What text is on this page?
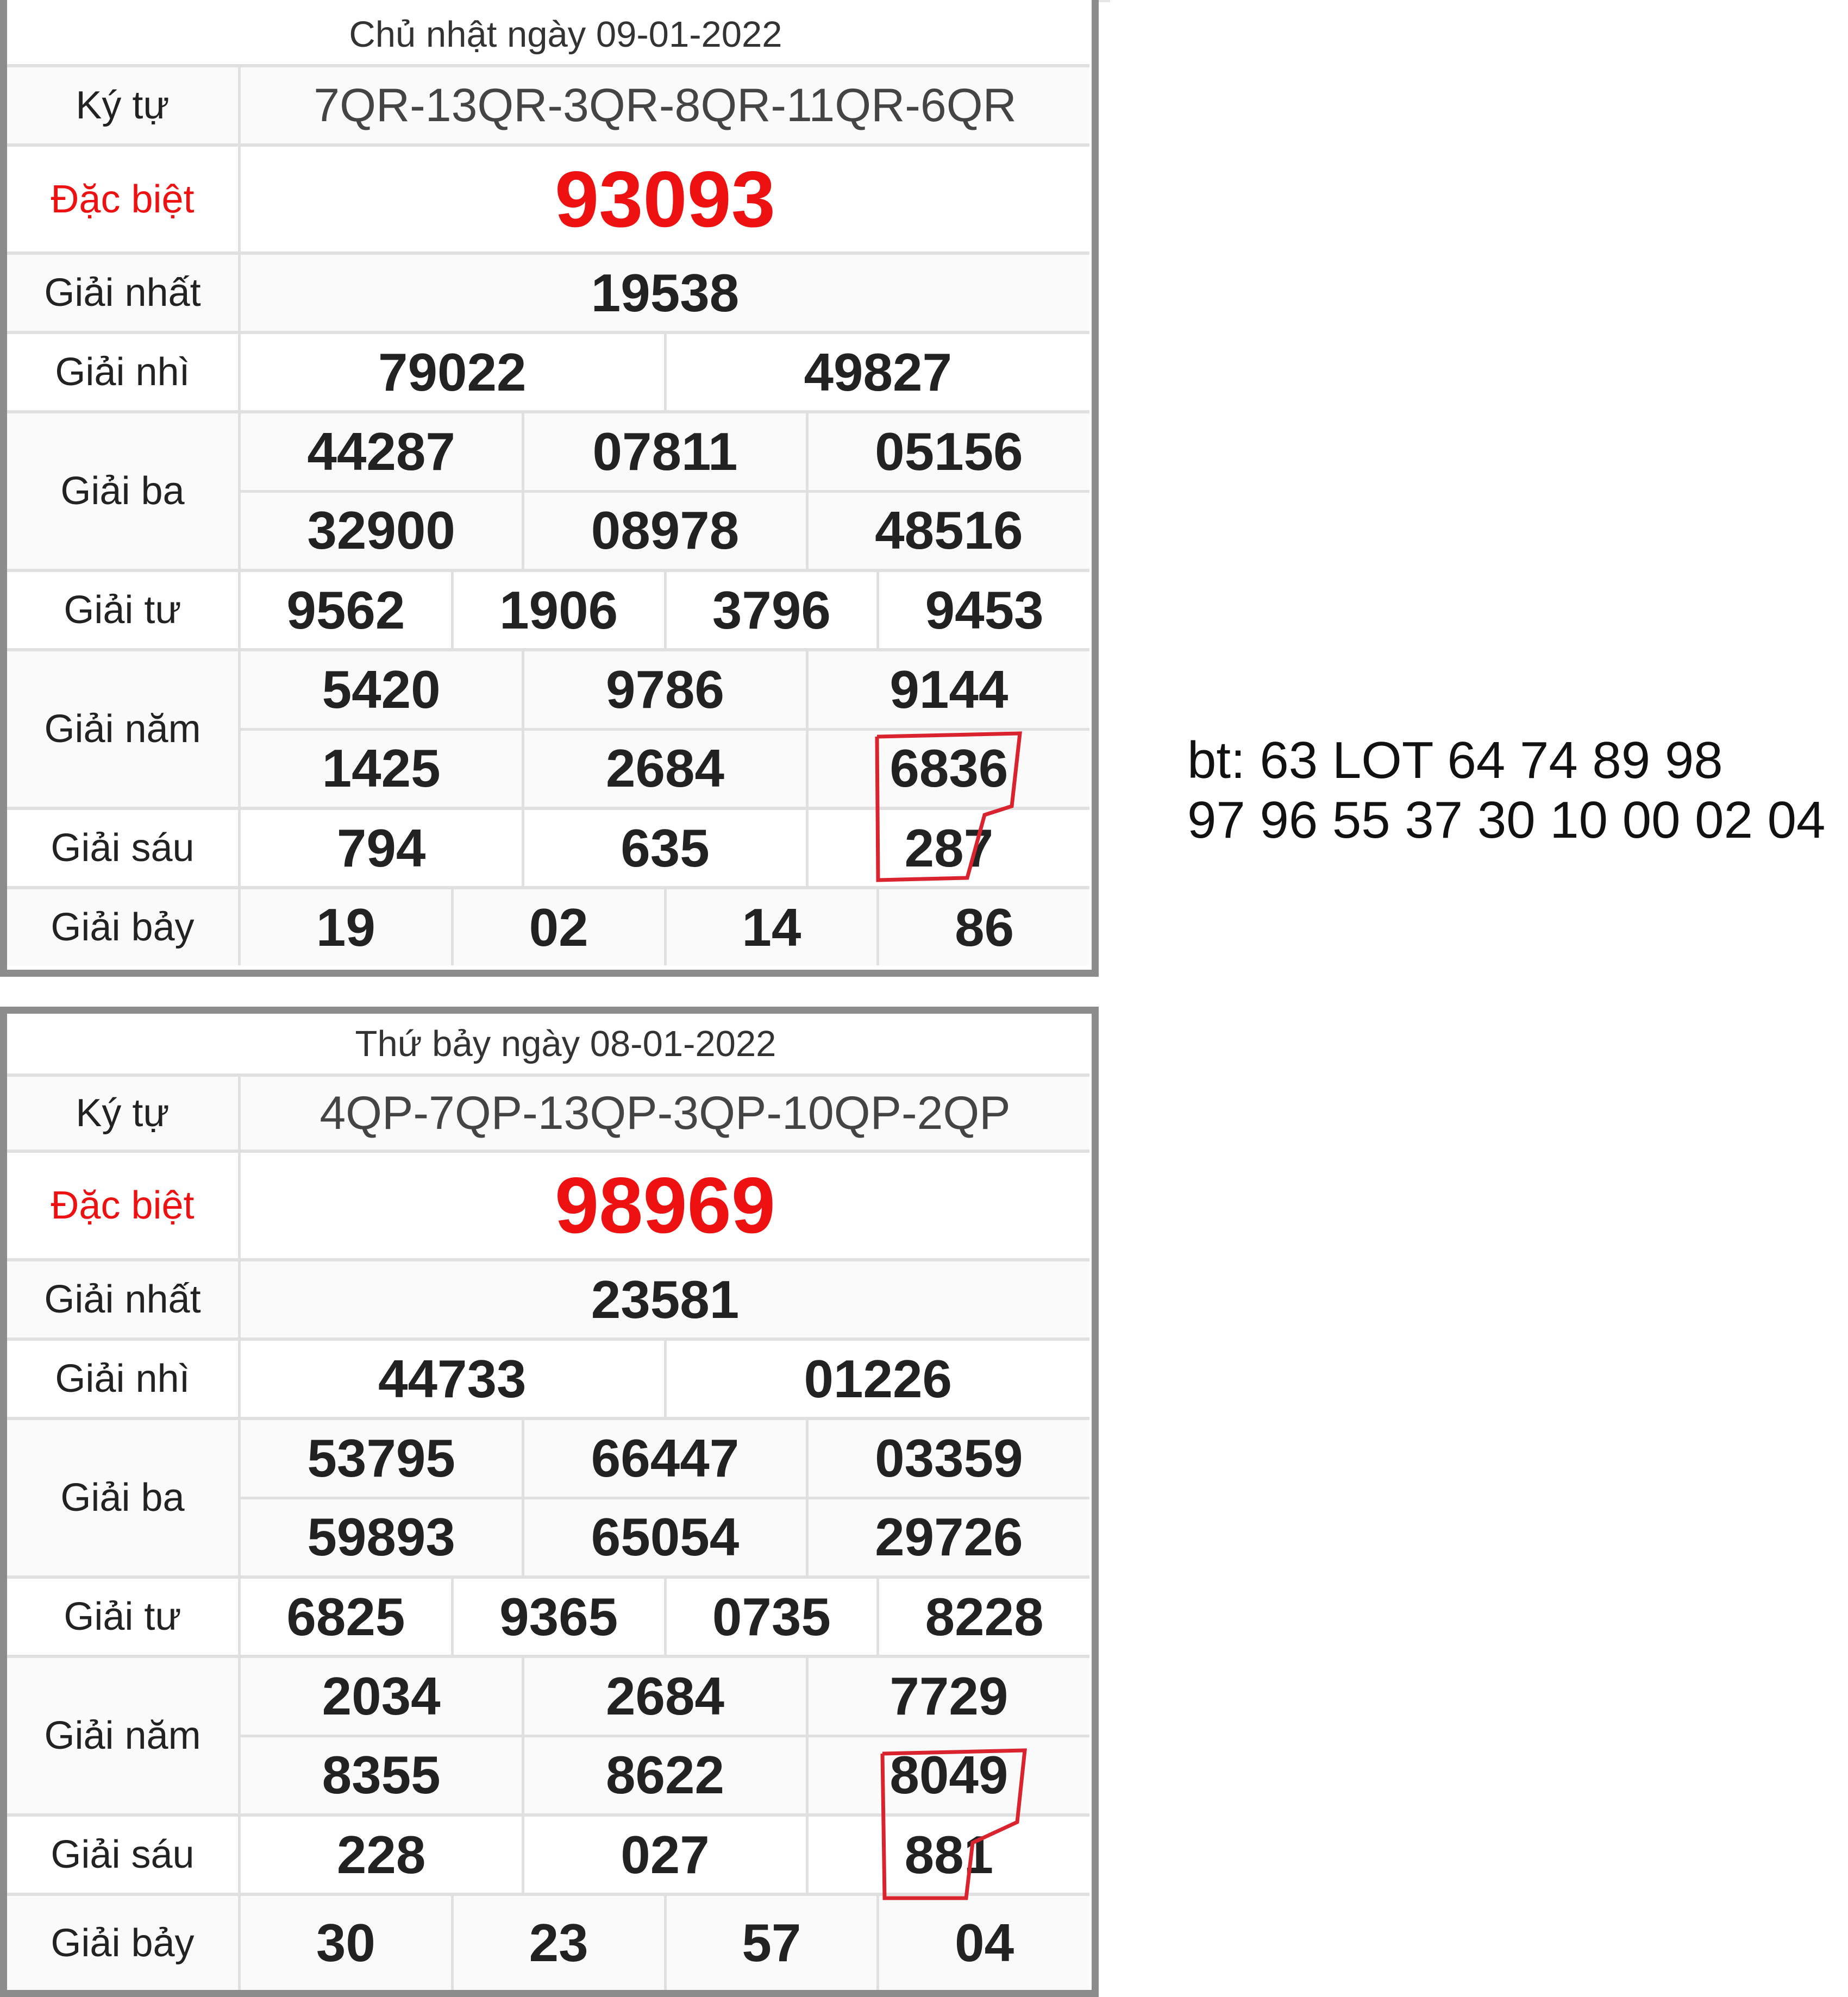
Chủ nhật ngày 09-01-2022
Ký tự	7QR-13QR-3QR-8QR-11QR-6QR
Đặc biệt	93093
Giải nhất	19538
Giải nhì	79022	49827
Giải ba
44287	07811	05156
32900	08978	48516
Giải tư	9562	1906	3796	9453
Giải năm
5420	9786	9144
1425	2684	6836
Giải sáu	794	635	287
Giải bảy	19	02	14	86
Thứ bảy ngày 08-01-2022
Ký tự	4QP-7QP-13QP-3QP-10QP-2QP
Đặc biệt	98969
Giải nhất	23581
Giải nhì	44733	01226
Giải ba
53795	66447	03359
59893	65054	29726
Giải tư	6825	9365	0735	8228
Giải năm
2034	2684	7729
8355	8622	8049
Giải sáu	228	027	881
Giải bảy	30	23	57	04
bt: 63 LOT 64 74 89 98
97 96 55 37 30 10 00 02 04
